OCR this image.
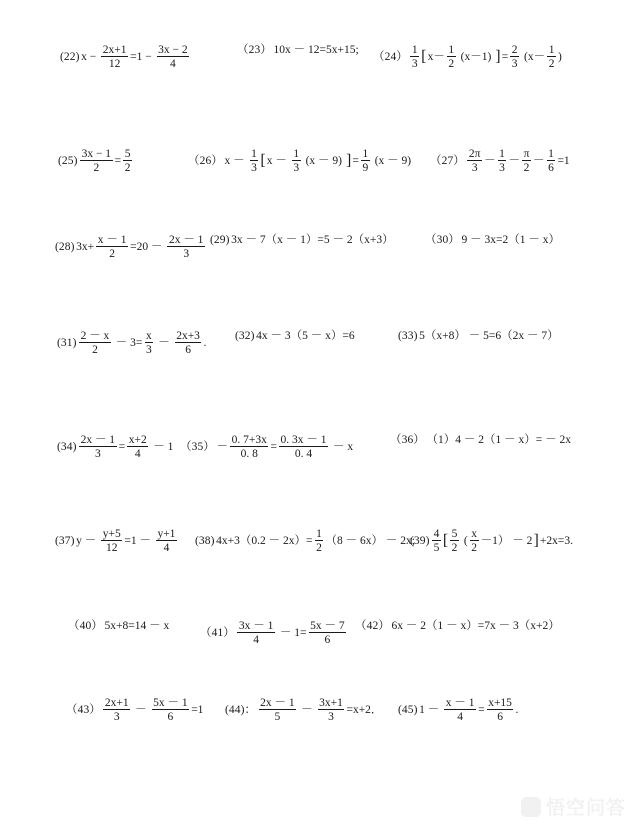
(22) $x - \frac{2x+1}{12} =1 - \frac{3x - 2}{4}$	（23） 10x － 12=5x+15;
$(24) \frac{1}{3}$ [ $x- \frac{1}{2} (x-1)$ ] = $\frac{2}{3} (x- \frac{1}{2}$ )
$(25) \frac{3x - 1}{2} = \frac{5}{2}$	（26） $x - \frac{1}{3}$ [ $x - \frac{1}{3} (x - 9)$ ] = $\frac{1}{9} (x - 9)$ $(27) \frac{2\pi}{3} - \frac{1}{3} - \frac{\pi}{2} - \frac{1}{6} =1$
(28) $3x+ \frac{x - 1}{2} =20 - \frac{2x - 1}{3} (29) 3x - 7(x - 1)=5 - 2(x+3)$	（30） 9 － 3x=2（1 － x）
$(31) \frac{2 - x}{2} - 3= \frac{x}{3} - \frac{2x+3}{6}$ .
(32) 4x － 3（5 － x）=6	(33) 5（x+8） － 5=6（2x － 7）
$(34) \frac{2x - 1}{3} = \frac{x+2}{4} - 1$ $(35) - \frac{0. 7+3x}{0. 8} = \frac{0. 3x - 1}{0. 4} - x$
（36） （1）4 － 2（1 － x）= － 2x
(37) $y - \frac{y+5}{12} =1 - \frac{y+1}{4} (38) 4x+3(0.2 - 2x)= \frac{1}{2} (8 - 6x) - 2x$;
$(39) \frac{4}{5}$ [ $\frac{5}{2}$ ( $\frac{x}{2} -1) - 2$ ] +2x=3.
（40） 5x+8=14 － x
$(41) \frac{3x - 1}{4} - 1= \frac{5x - 7}{6} (42) 6x - 2(1 - x)=7x - 3(x+2)$
$(43) \frac{2x+1}{3} - \frac{5x - 1}{6} =1$ (44)： $\frac{2x - 1}{5} - \frac{3x+1}{3} =x+2$． (45) $1 - \frac{x - 1}{4} = \frac{x+15}{6}$ .
悟空问答
